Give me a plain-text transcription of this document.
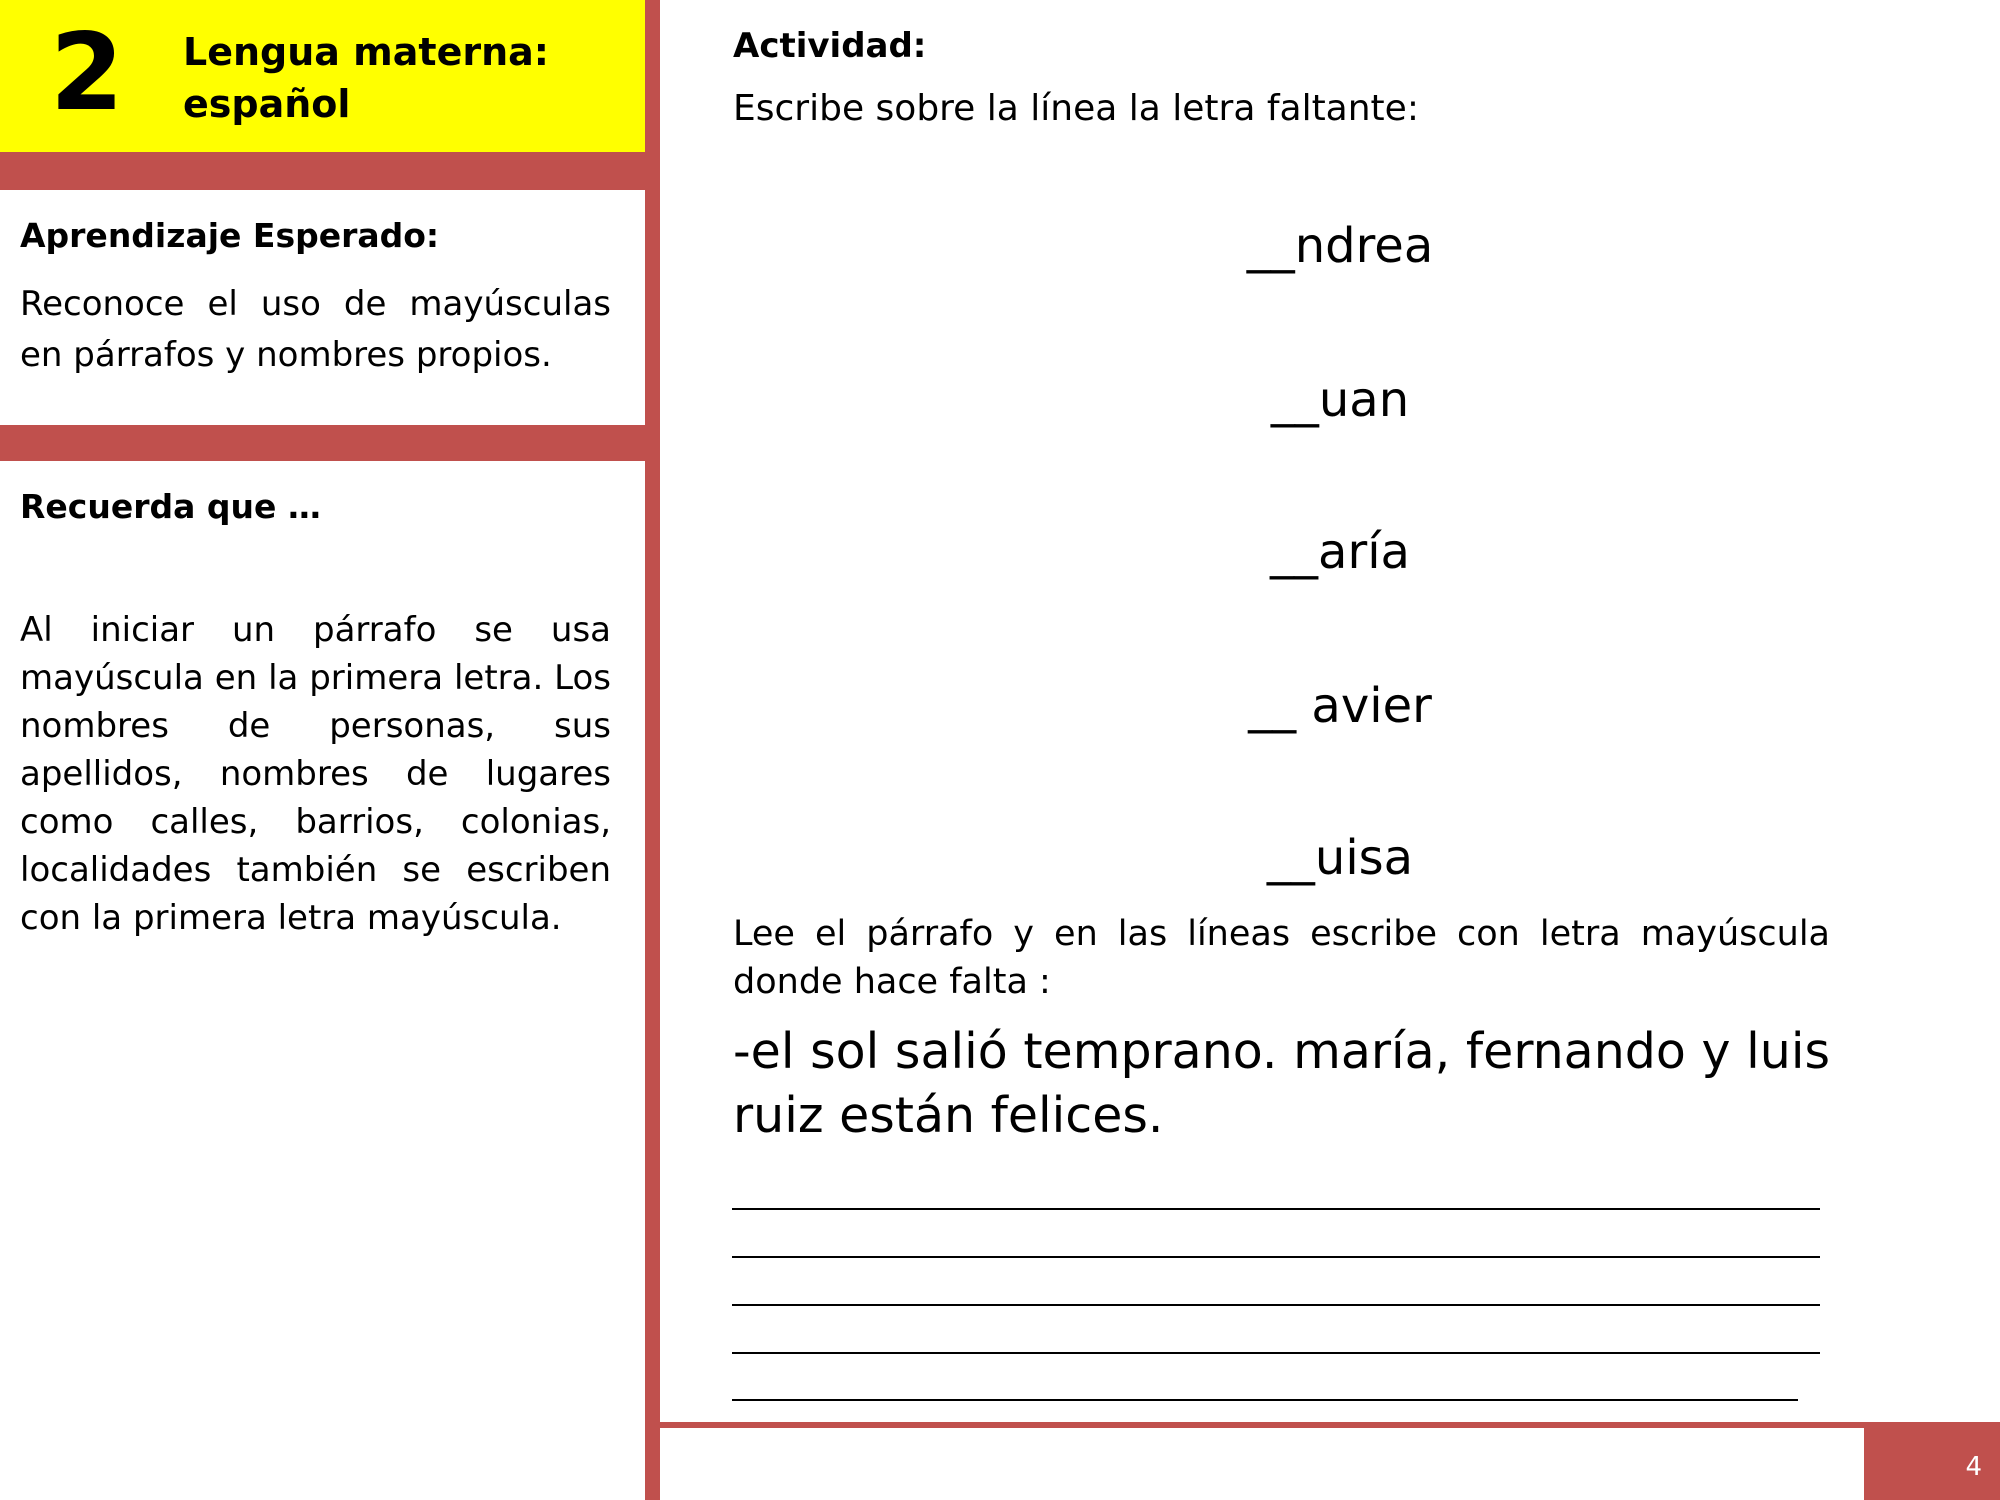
2 Lengua materna:
español

Aprendizaje Esperado:

Reconoce el uso de mayúsculas en párrafos y nombres propios.

Recuerda que …

Al iniciar un párrafo se usa mayúscula en la primera letra. Los nombres de personas, sus apellidos, nombres de lugares como calles, barrios, colonias, localidades también se escriben con la primera letra mayúscula.
Actividad:
Escribe sobre la línea la letra faltante:
__ndrea
__uan
__aría
__ avier
__uisa
Lee el párrafo y en las líneas escribe con letra mayúscula donde hace falta :
-el sol salió temprano. maría, fernando y luis ruiz están felices.
4
